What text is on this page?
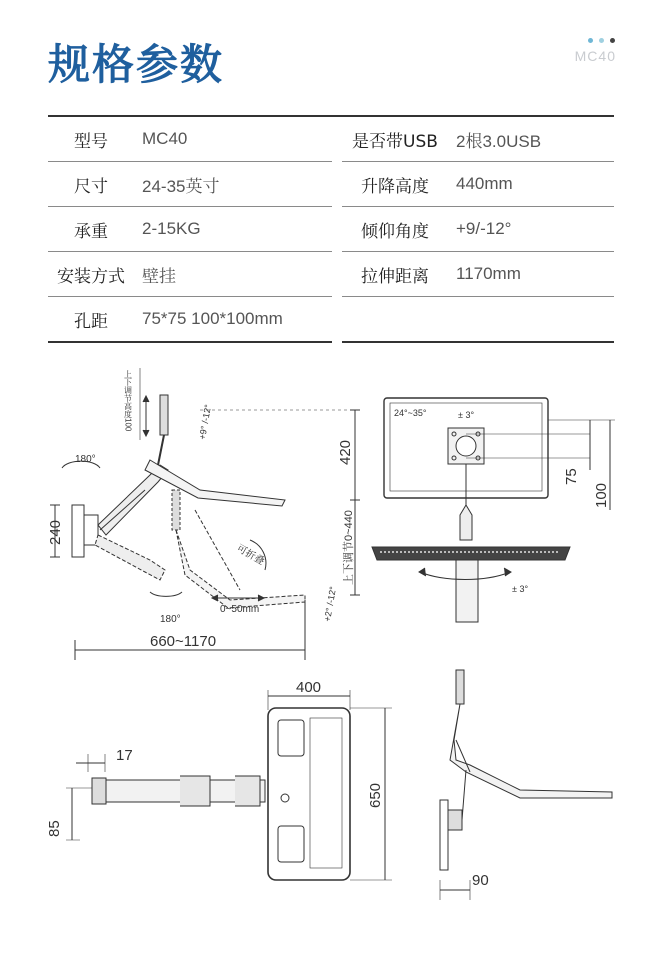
规格参数	MC40
型号	MC40		是否带USB	2根3.0USB
尺寸	24-35英寸		升降高度	440mm
承重	2-15KG		倾仰角度	+9/-12°
安装方式	壁挂		拉伸距离	1170mm
孔距	75*75 100*100mm			
180°
180°
0~50mm
可折叠
+9° /-12°
+2° /-12°
420
上下调节0~440
240
660~1170
上下调节高度100	24°~35°	± 3°
± 3°
75
100
400
17
85
650
90
